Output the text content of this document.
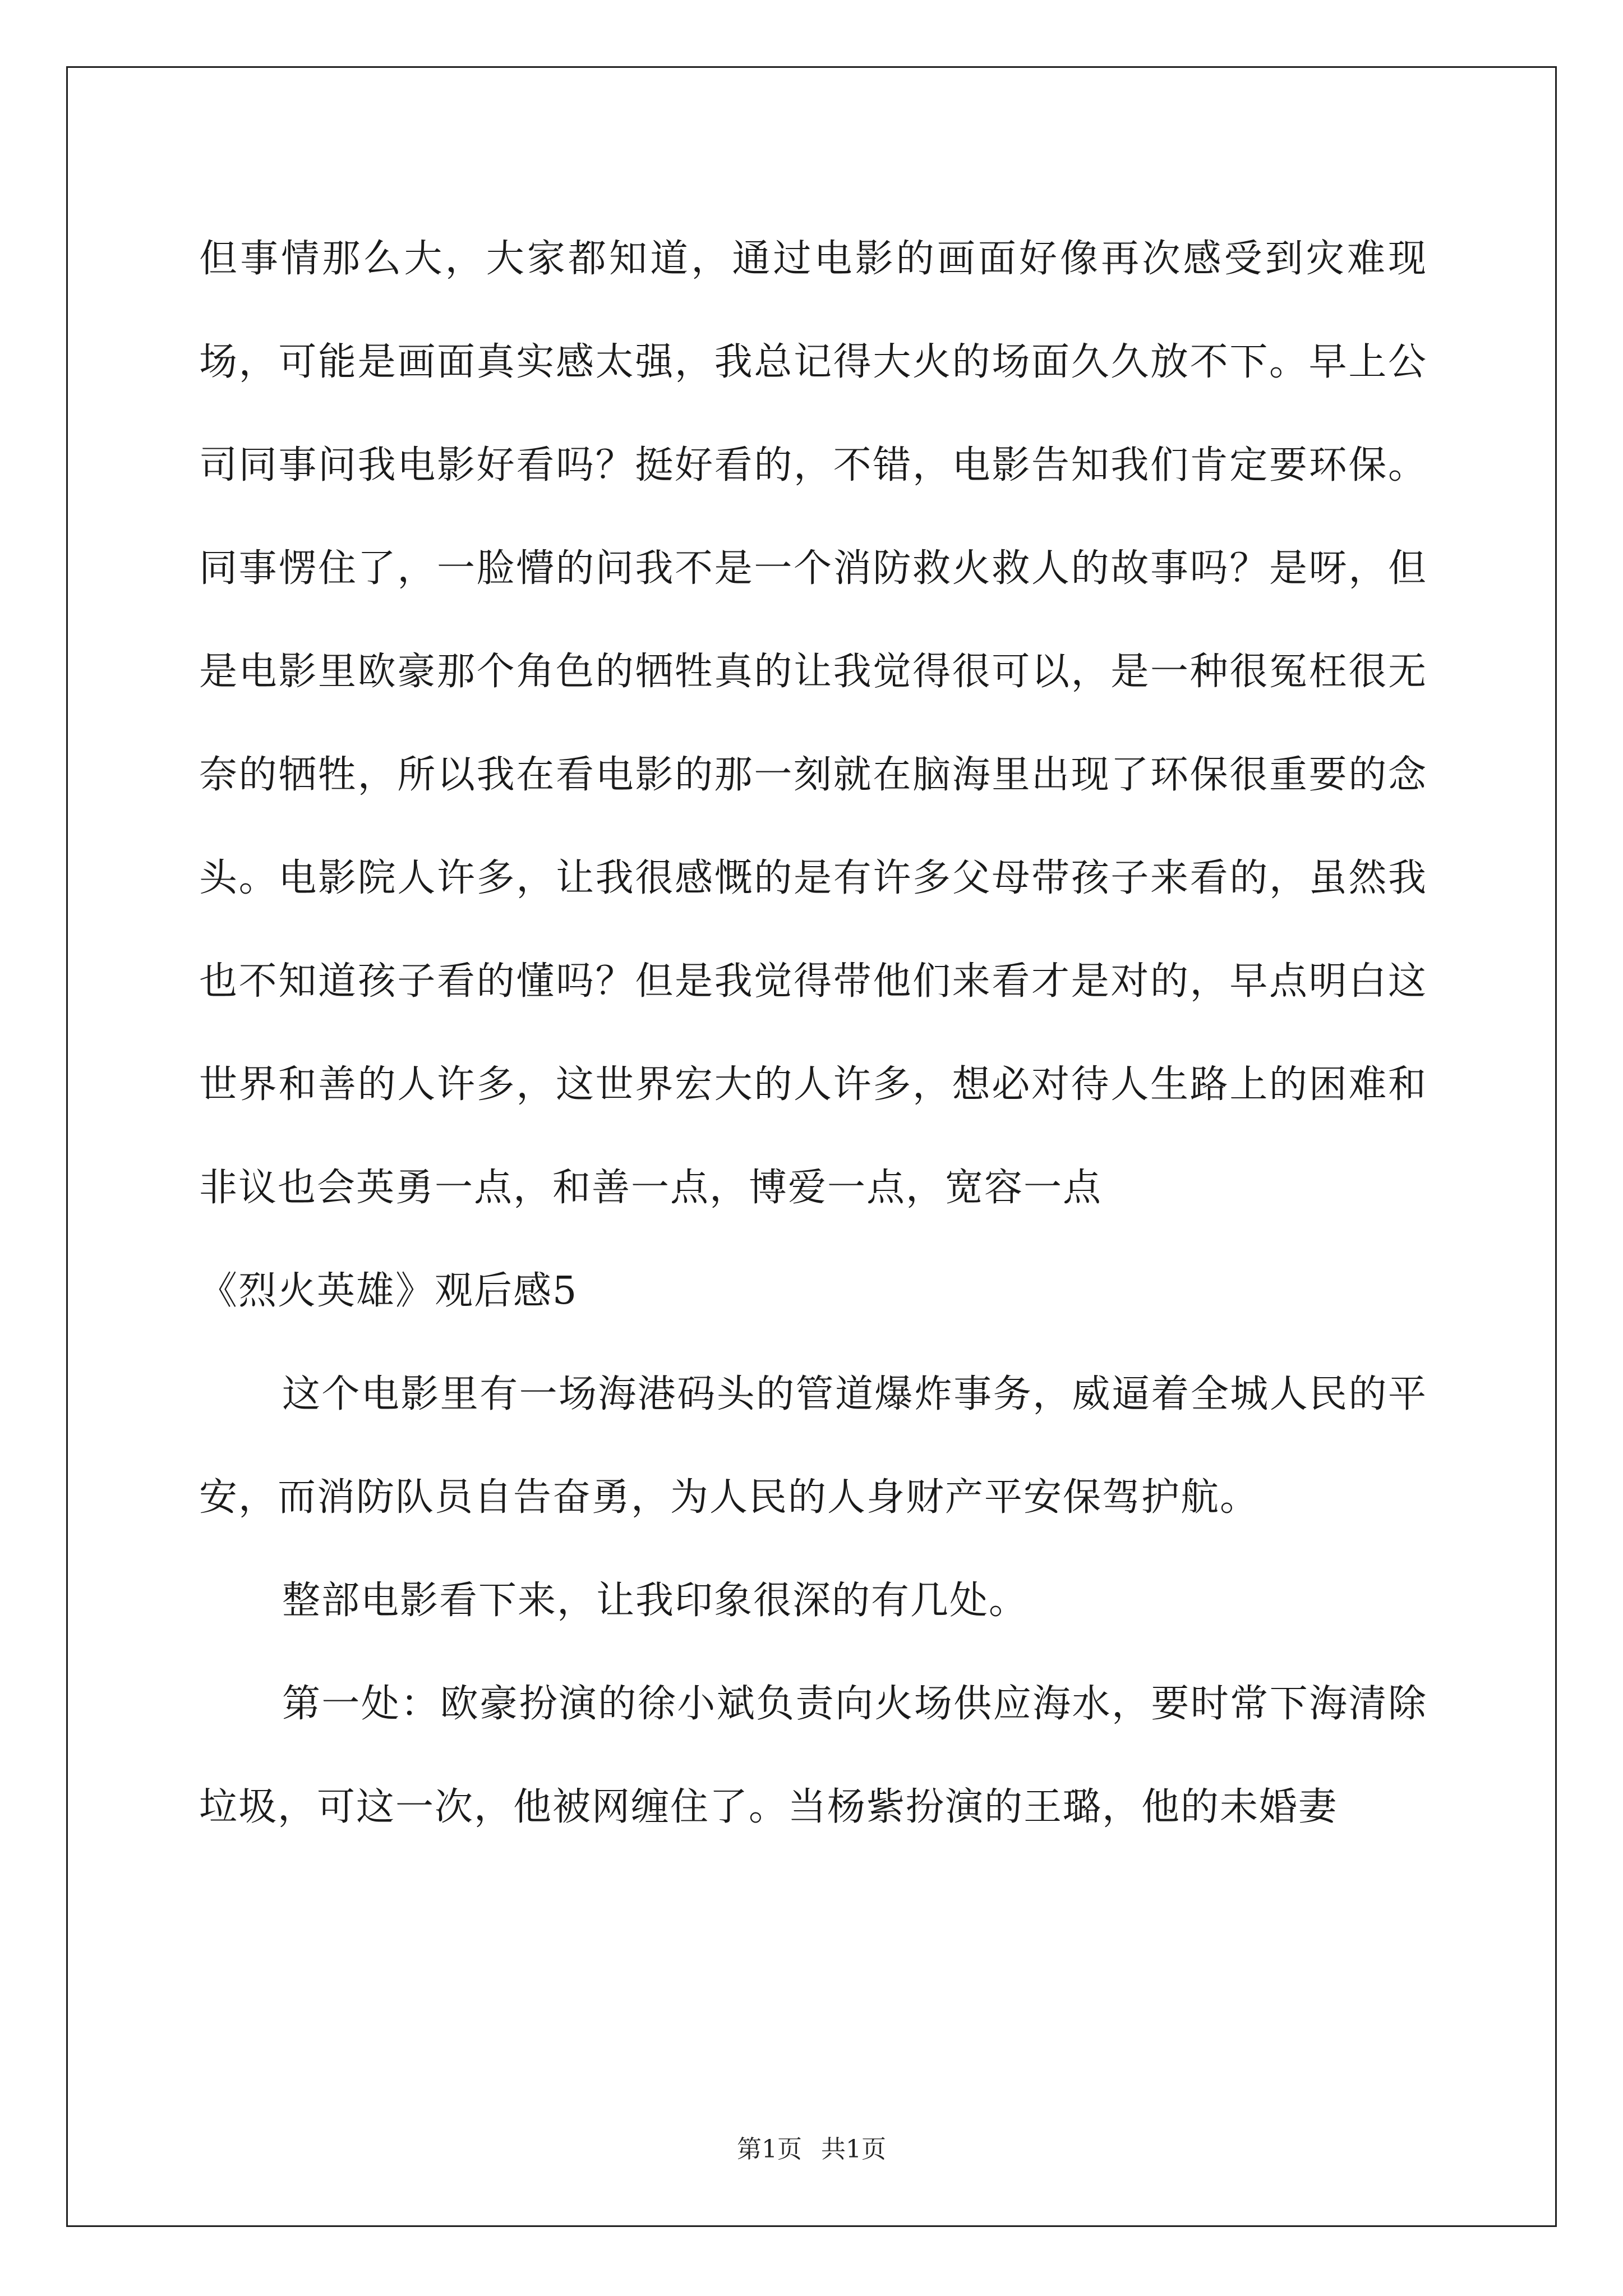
但事情那么大，大家都知道，通过电影的画面好像再次感受到灾难现场，可能是画面真实感太强，我总记得大火的场面久久放不下。早上公司同事问我电影好看吗？挺好看的，不错，电影告知我们肯定要环保。同事愣住了，一脸懵的问我不是一个消防救火救人的故事吗？是呀，但是电影里欧豪那个角色的牺牲真的让我觉得很可以，是一种很冤枉很无奈的牺牲，所以我在看电影的那一刻就在脑海里出现了环保很重要的念头。电影院人许多，让我很感慨的是有许多父母带孩子来看的，虽然我也不知道孩子看的懂吗？但是我觉得带他们来看才是对的，早点明白这世界和善的人许多，这世界宏大的人许多，想必对待人生路上的困难和非议也会英勇一点，和善一点，博爱一点，宽容一点

《烈火英雄》观后感5

这个电影里有一场海港码头的管道爆炸事务，威逼着全城人民的平安，而消防队员自告奋勇，为人民的人身财产平安保驾护航。

整部电影看下来，让我印象很深的有几处。

第一处：欧豪扮演的徐小斌负责向火场供应海水，要时常下海清除垃圾，可这一次，他被网缠住了。当杨紫扮演的王璐，他的未婚妻

第1页 共1页
